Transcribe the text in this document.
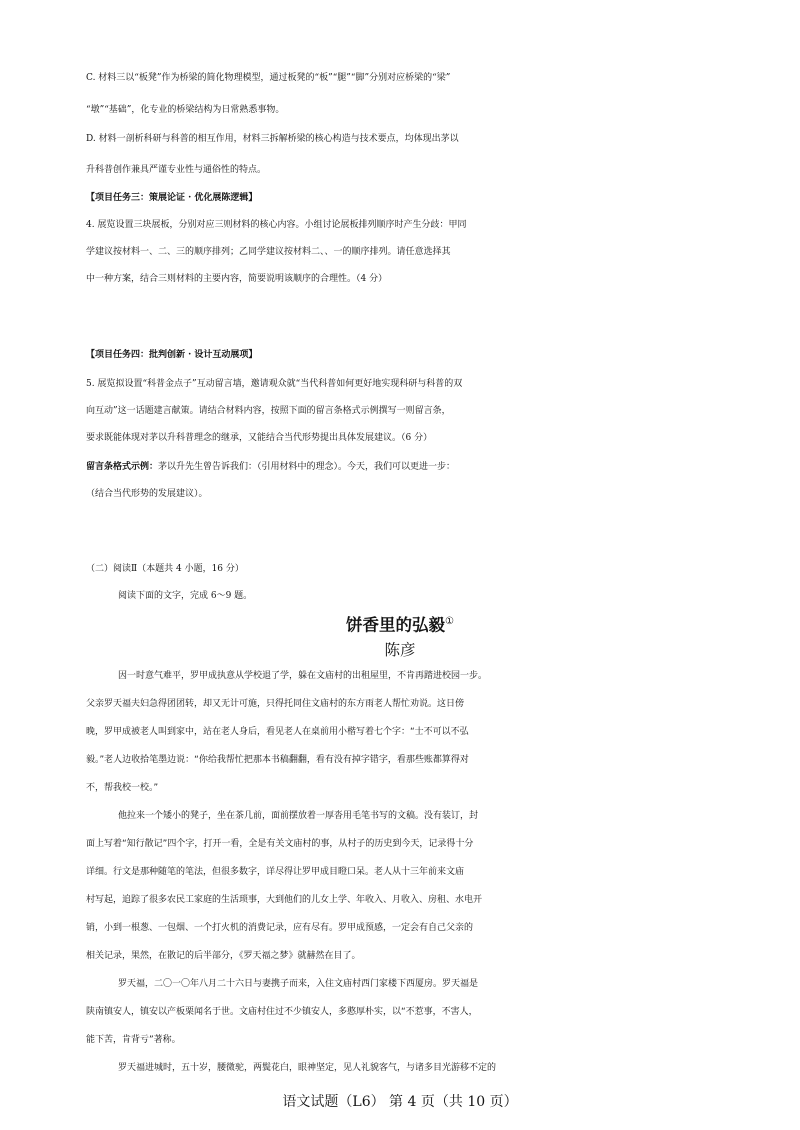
C. 材料三以“板凳”作为桥梁的简化物理模型，通过板凳的“板”“腿”“脚”分别对应桥梁的“梁”
“墩”“基础”，化专业的桥梁结构为日常熟悉事物。
D. 材料一剖析科研与科普的相互作用，材料三拆解桥梁的核心构造与技术要点，均体现出茅以
升科普创作兼具严谨专业性与通俗性的特点。
【项目任务三：策展论证 · 优化展陈逻辑】
4. 展览设置三块展板，分别对应三则材料的核心内容。小组讨论展板排列顺序时产生分歧：甲同
学建议按材料一、二、三的顺序排列；乙同学建议按材料二、、一的顺序排列。请任意选择其
中一种方案，结合三则材料的主要内容，简要说明该顺序的合理性。（4 分）
【项目任务四：批判创新 · 设计互动展项】
5. 展览拟设置“科普金点子”互动留言墙，邀请观众就“当代科普如何更好地实现科研与科普的双
向互动”这一话题建言献策。请结合材料内容，按照下面的留言条格式示例撰写一则留言条，
要求既能体现对茅以升科普理念的继承，又能结合当代形势提出具体发展建议。（6 分）
留言条格式示例：茅以升先生曾告诉我们：（引用材料中的理念）。今天，我们可以更进一步：
（结合当代形势的发展建议）。
（二）阅读Ⅱ（本题共 4 小题，16 分）
阅读下面的文字，完成 6～9 题。
饼香里的弘毅①
陈彦
因一时意气难平，罗甲成执意从学校退了学，躲在文庙村的出租屋里，不肯再踏进校园一步。
父亲罗天福夫妇急得团团转，却又无计可施，只得托同住文庙村的东方雨老人帮忙劝说。这日傍
晚，罗甲成被老人叫到家中，站在老人身后，看见老人在桌前用小楷写着七个字：“士不可以不弘
毅。”老人边收拾笔墨边说：“你给我帮忙把那本书稿翻翻，看有没有掉字错字，看那些账都算得对
不，帮我校一校。”
他拉来一个矮小的凳子，坐在茶几前，面前摆放着一厚沓用毛笔书写的文稿。没有装订，封
面上写着“知行散记”四个字，打开一看，全是有关文庙村的事，从村子的历史到今天，记录得十分
详细。行文是那种随笔的笔法，但很多数字，详尽得让罗甲成目瞪口呆。老人从十三年前来文庙
村写起，追踪了很多农民工家庭的生活琐事，大到他们的儿女上学、年收入、月收入、房租、水电开
销，小到一根葱、一包烟、一个打火机的消费记录，应有尽有。罗甲成预感，一定会有自己父亲的
相关记录，果然，在散记的后半部分，《罗天福之梦》就赫然在目了。
罗天福，二〇一〇年八月二十六日与妻携子而来，入住文庙村西门家楼下西厦房。罗天福是
陕南镇安人，镇安以产板栗闻名于世。文庙村住过不少镇安人，多憨厚朴实，以“不惹事，不害人，
能下苦，肯背亏”著称。
罗天福进城时，五十岁，腰微驼，两鬓花白，眼神坚定，见人礼貌客气，与诸多目光游移不定的
语文试题（L6） 第 4 页（共 10 页）
